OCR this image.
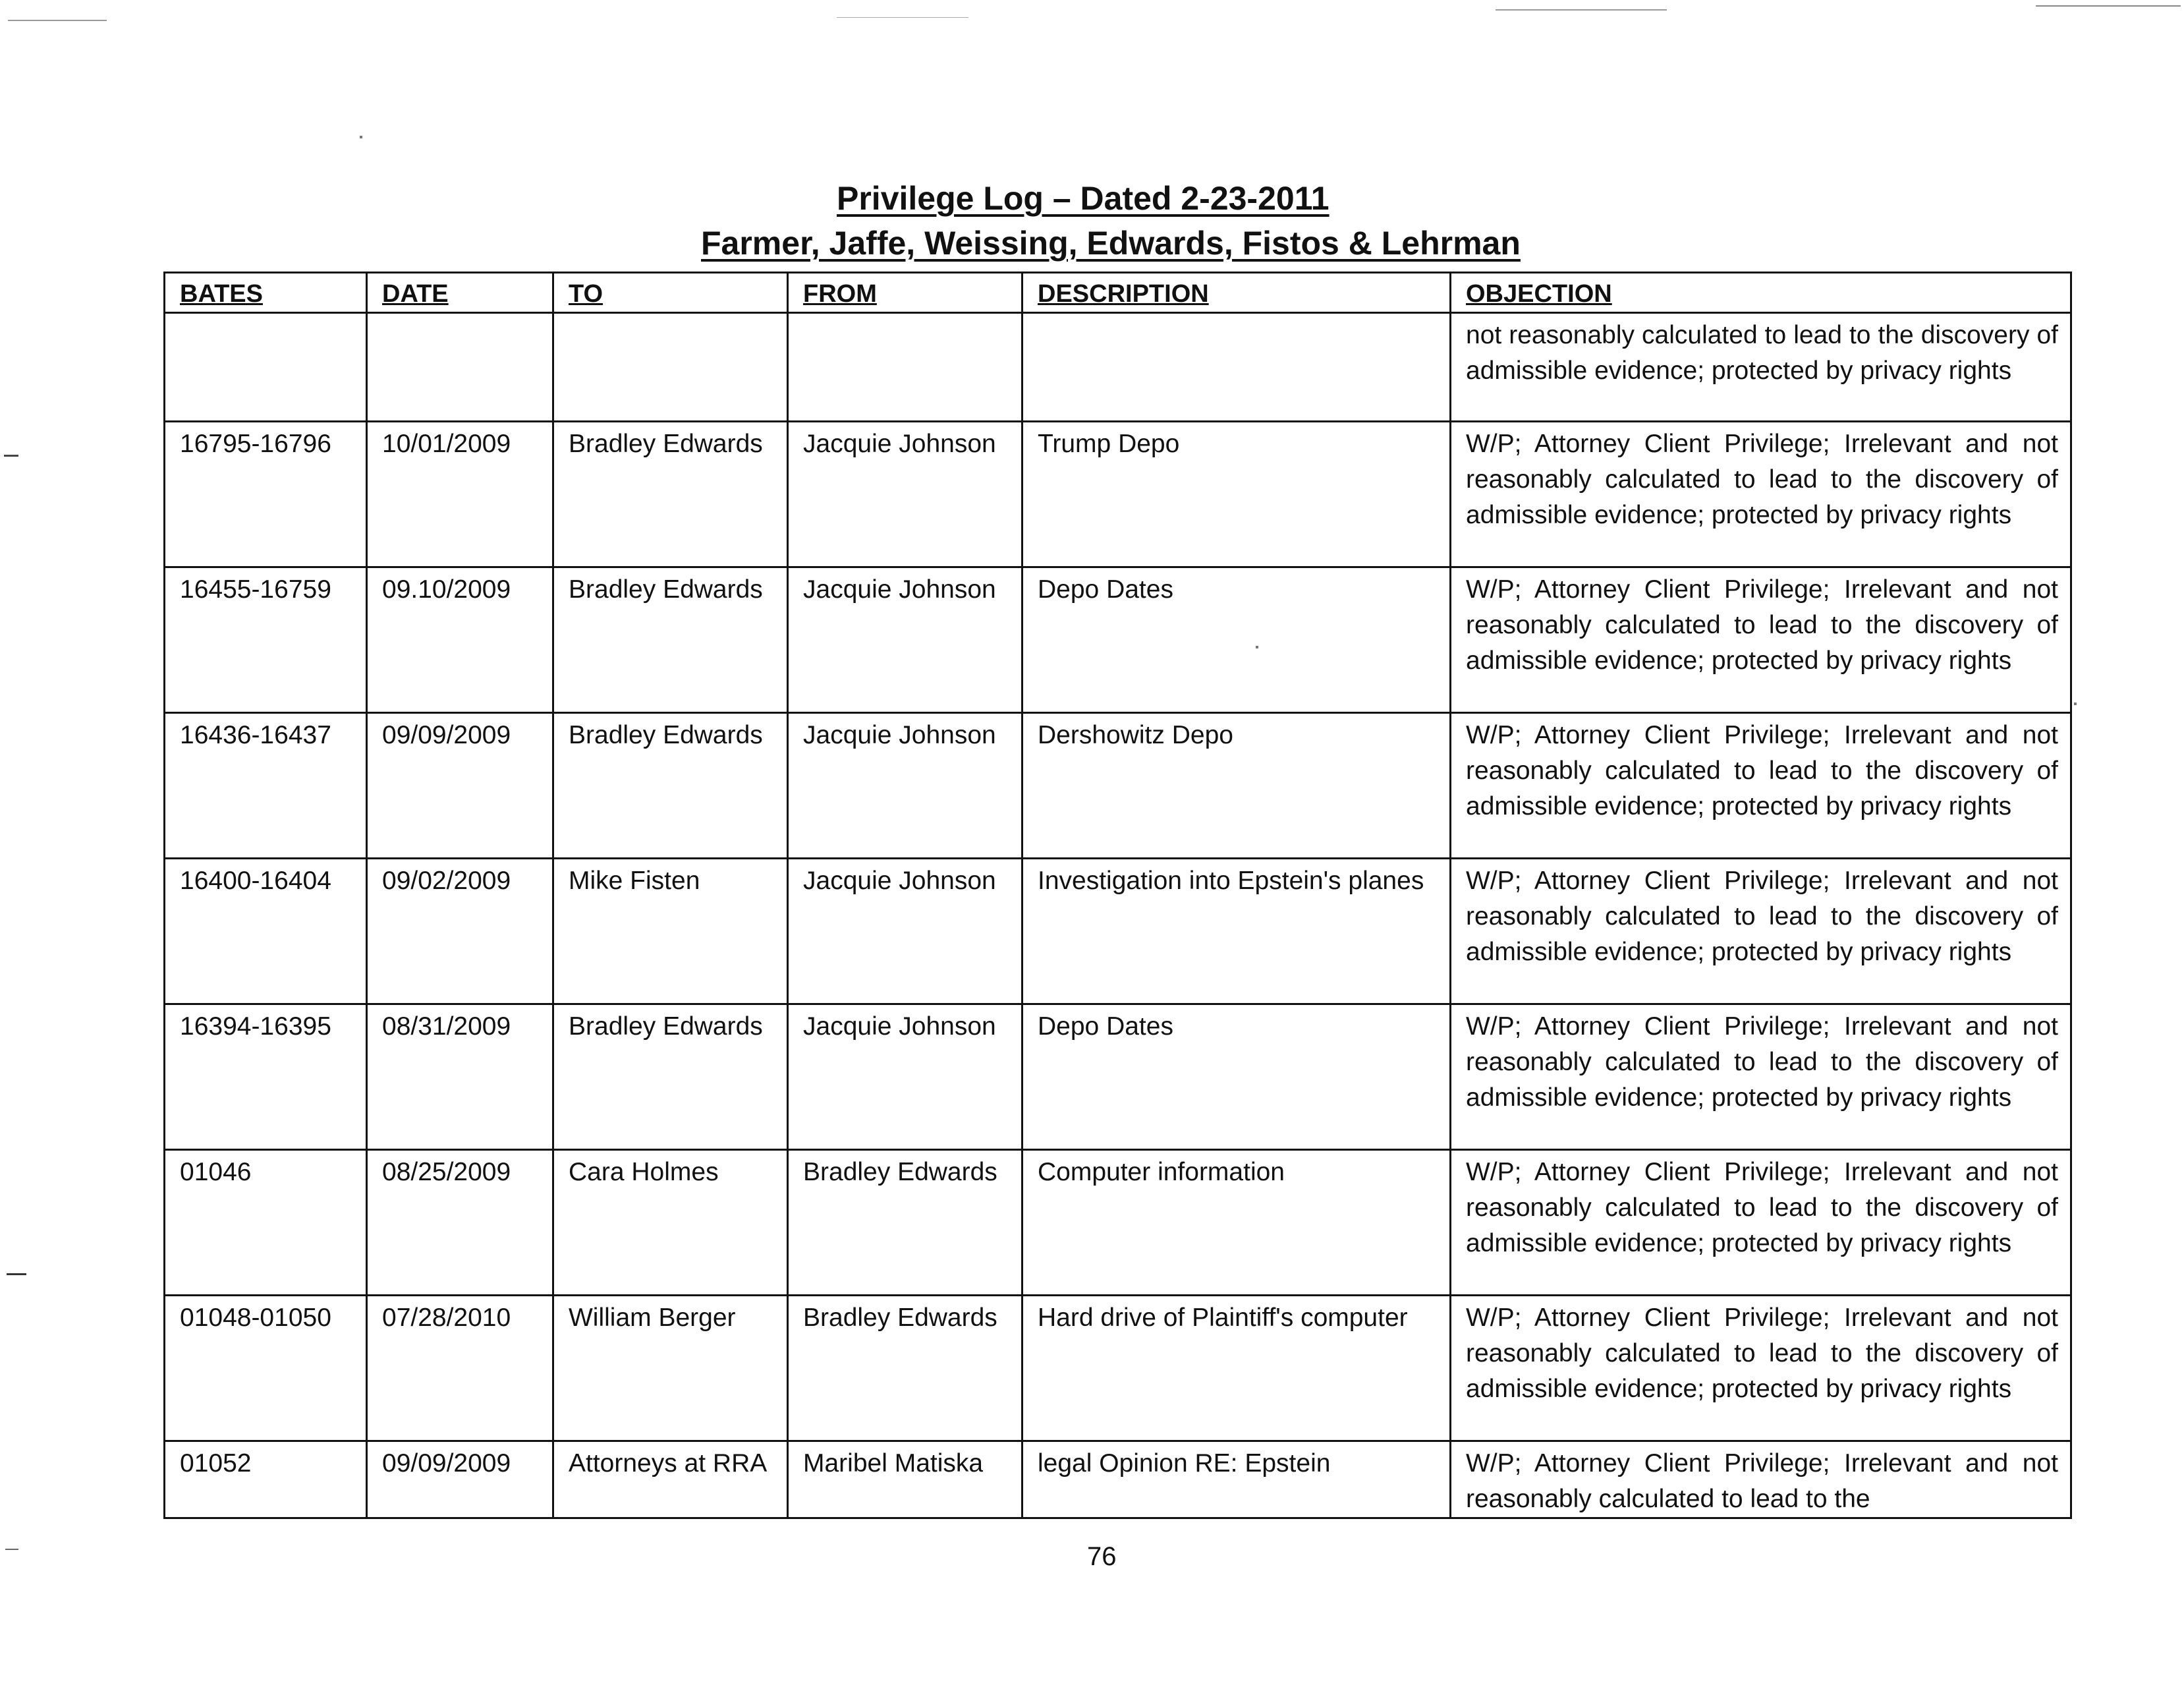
Privilege Log – Dated 2-23-2011
Farmer, Jaffe, Weissing, Edwards, Fistos & Lehrman
BATES	DATE	TO	FROM	DESCRIPTION	OBJECTION
					not reasonably calculated to lead to the discovery of admissible evidence; protected by privacy rights
16795-16796	10/01/2009	Bradley Edwards	Jacquie Johnson	Trump Depo	W/P; Attorney Client Privilege; Irrelevant and not reasonably calculated to lead to the discovery of admissible evidence; protected by privacy rights
16455-16759	09.10/2009	Bradley Edwards	Jacquie Johnson	Depo Dates	W/P; Attorney Client Privilege; Irrelevant and not reasonably calculated to lead to the discovery of admissible evidence; protected by privacy rights
16436-16437	09/09/2009	Bradley Edwards	Jacquie Johnson	Dershowitz Depo	W/P; Attorney Client Privilege; Irrelevant and not reasonably calculated to lead to the discovery of admissible evidence; protected by privacy rights
16400-16404	09/02/2009	Mike Fisten	Jacquie Johnson	Investigation into Epstein's planes	W/P; Attorney Client Privilege; Irrelevant and not reasonably calculated to lead to the discovery of admissible evidence; protected by privacy rights
16394-16395	08/31/2009	Bradley Edwards	Jacquie Johnson	Depo Dates	W/P; Attorney Client Privilege; Irrelevant and not reasonably calculated to lead to the discovery of admissible evidence; protected by privacy rights
01046	08/25/2009	Cara Holmes	Bradley Edwards	Computer information	W/P; Attorney Client Privilege; Irrelevant and not reasonably calculated to lead to the discovery of admissible evidence; protected by privacy rights
01048-01050	07/28/2010	William Berger	Bradley Edwards	Hard drive of Plaintiff's computer	W/P; Attorney Client Privilege; Irrelevant and not reasonably calculated to lead to the discovery of admissible evidence; protected by privacy rights
01052	09/09/2009	Attorneys at RRA	Maribel Matiska	legal Opinion RE: Epstein	W/P; Attorney Client Privilege; Irrelevant and not reasonably calculated to lead to the
76
